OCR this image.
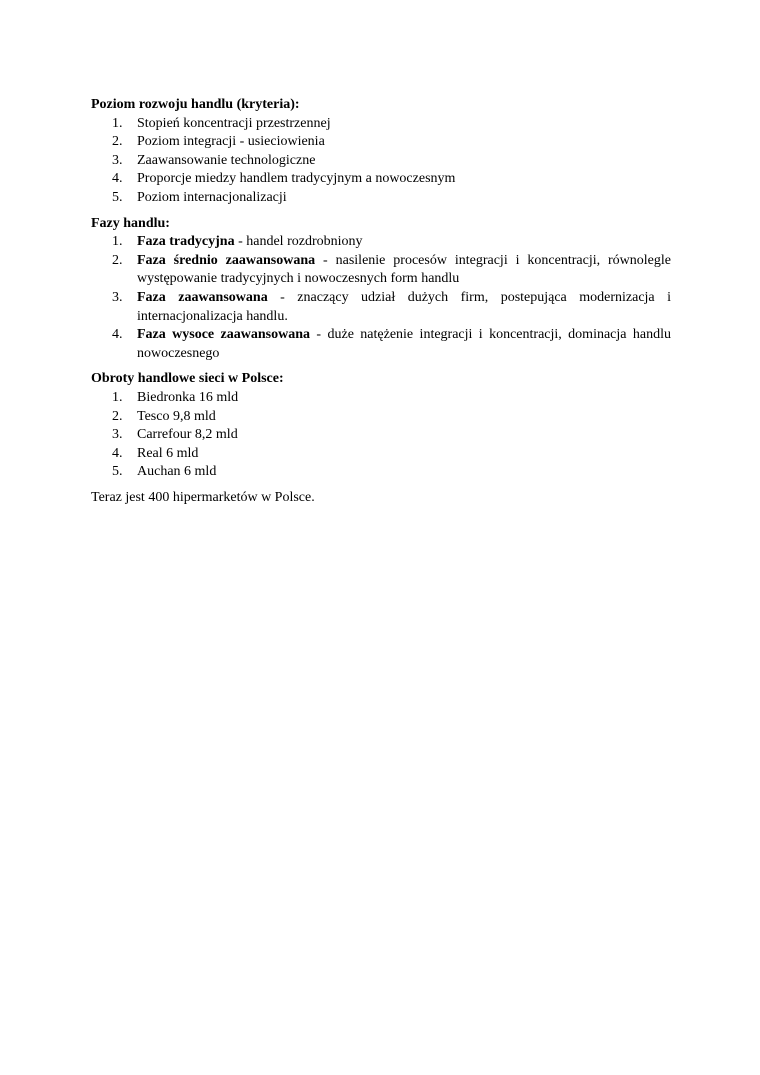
Poziom rozwoju handlu (kryteria):

1. Stopień koncentracji przestrzennej
2. Poziom integracji - usieciowienia
3. Zaawansowanie technologiczne
4. Proporcje miedzy handlem tradycyjnym a nowoczesnym
5. Poziom internacjonalizacji

Fazy handlu:

1. Faza tradycyjna - handel rozdrobniony
2. Faza średnio zaawansowana - nasilenie procesów integracji i koncentracji, równolegle występowanie tradycyjnych i nowoczesnych form handlu
3. Faza zaawansowana - znaczący udział dużych firm, postepująca modernizacja i internacjonalizacja handlu.
4. Faza wysoce zaawansowana - duże natężenie integracji i koncentracji, dominacja handlu nowoczesnego

Obroty handlowe sieci w Polsce:

1. Biedronka 16 mld
2. Tesco 9,8 mld
3. Carrefour 8,2 mld
4. Real 6 mld
5. Auchan 6 mld

Teraz jest 400 hipermarketów w Polsce.
